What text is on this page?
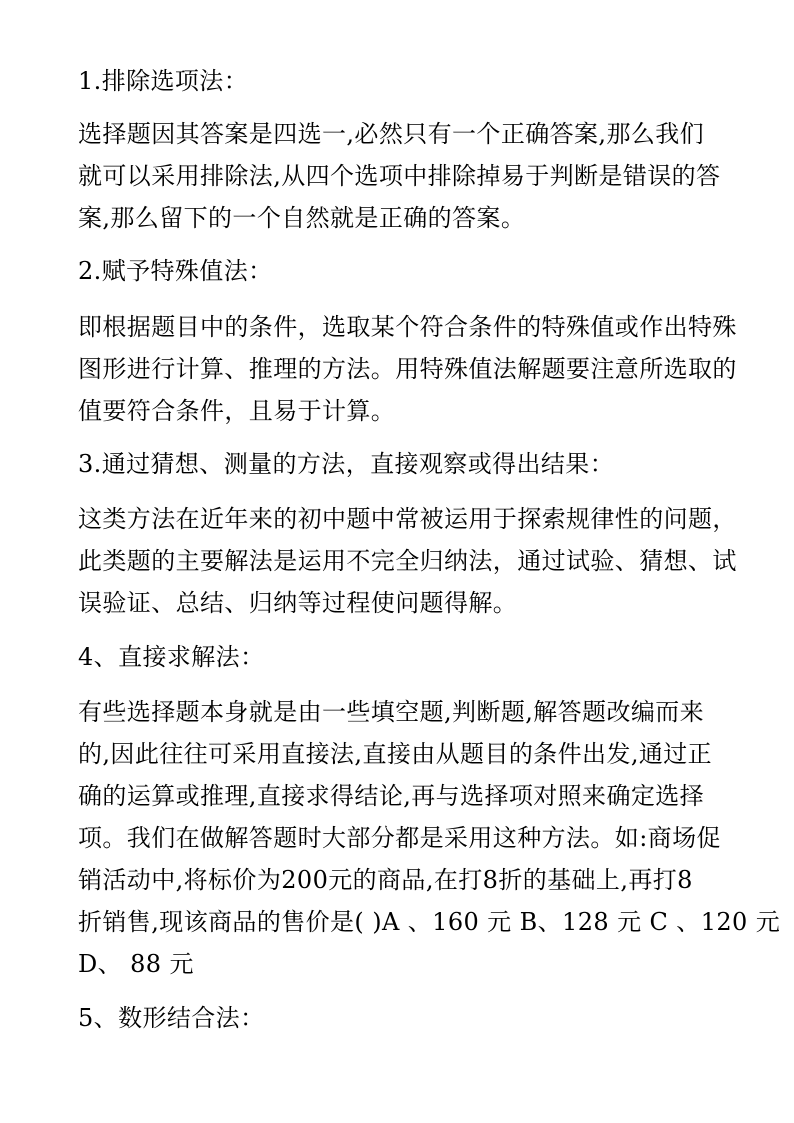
1.排除选项法：

选择题因其答案是四选一,必然只有一个正确答案,那么我们
就可以采用排除法,从四个选项中排除掉易于判断是错误的答
案,那么留下的一个自然就是正确的答案。

2.赋予特殊值法：

即根据题目中的条件，选取某个符合条件的特殊值或作出特殊
图形进行计算、推理的方法。用特殊值法解题要注意所选取的
值要符合条件，且易于计算。

3.通过猜想、测量的方法，直接观察或得出结果：

这类方法在近年来的初中题中常被运用于探索规律性的问题，
此类题的主要解法是运用不完全归纳法，通过试验、猜想、试
误验证、总结、归纳等过程使问题得解。

4、直接求解法：

有些选择题本身就是由一些填空题,判断题,解答题改编而来
的,因此往往可采用直接法,直接由从题目的条件出发,通过正
确的运算或推理,直接求得结论,再与选择项对照来确定选择
项。我们在做解答题时大部分都是采用这种方法。如:商场促
销活动中,将标价为200元的商品,在打8折的基础上,再打8
折销售,现该商品的售价是( )A 、160 元 B、128 元 C 、120 元
D、 88 元

5、数形结合法：
